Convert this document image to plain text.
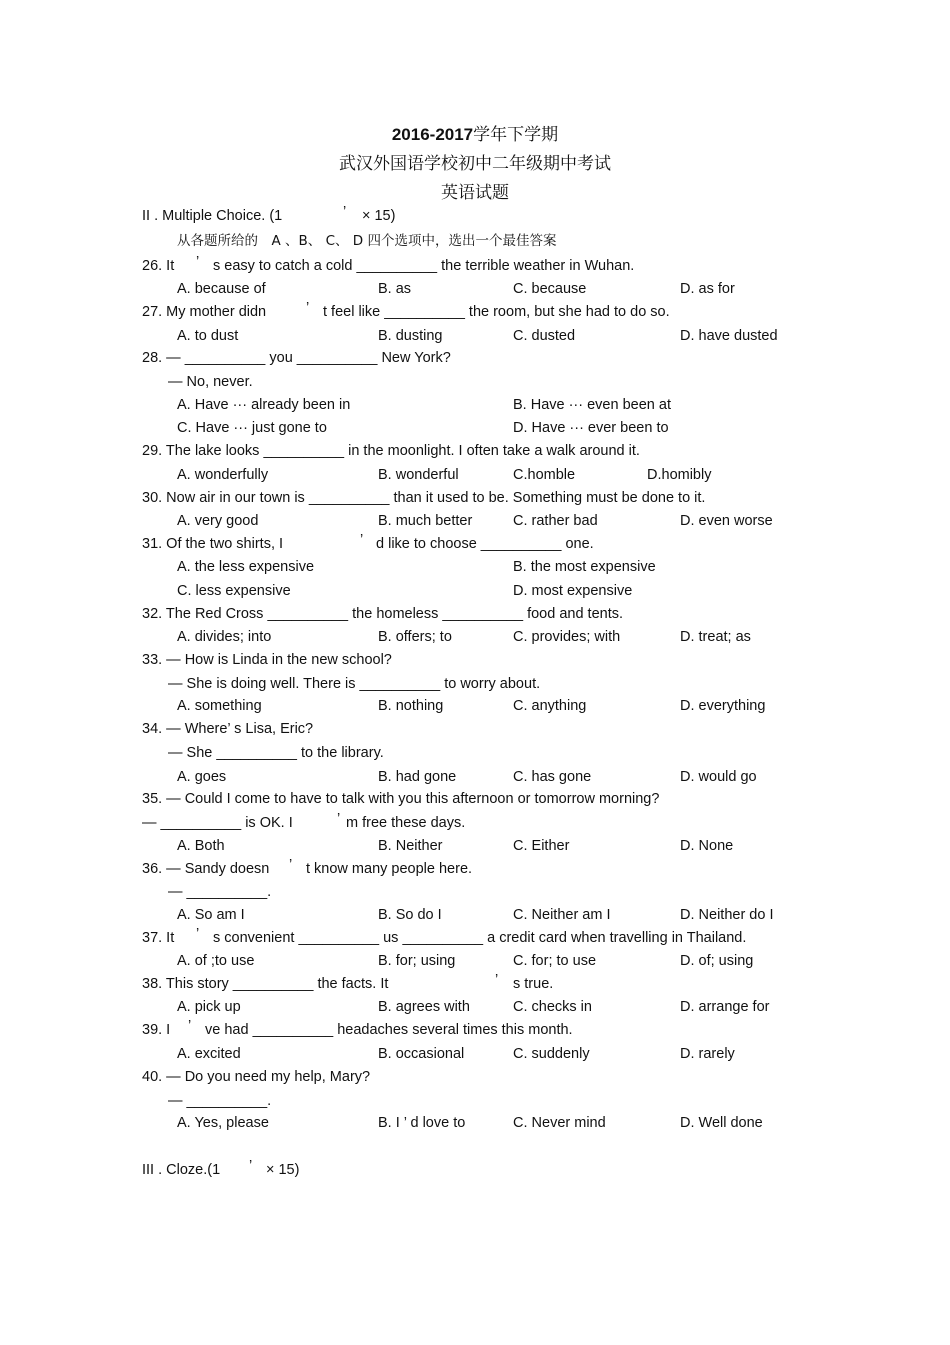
2016-2017学年下学期
武汉外国语学校初中二年级期中考试
英语试题
II . Multiple Choice. (1	’ × 15)
从各题所给的　A 、B、 C、 D 四个选项中，选出一个最佳答案
26. It ’ s easy to catch a cold __________ the terrible weather in Wuhan.
A. because of	B. as	C. because	D. as for
27. My mother didn	’ t feel like __________ the room, but she had to do so.
A. to dust	B. dusting	C. dusted	D. have dusted
28. — __________ you __________ New York?
— No, never.
A. Have ··· already been in	B. Have ··· even been at
C. Have ··· just gone to	D. Have ··· ever been to
29. The lake looks __________ in the moonlight. I often take a walk around it.
A. wonderfully	B. wonderful	C.homble	D.homibly
30. Now air in our town is __________ than it used to be. Something must be done to it.
A. very good	B. much better	C. rather bad	D. even worse
31. Of the two shirts, I	’ d like to choose __________ one.
A. the less expensive	B. the most expensive
C. less expensive	D. most expensive
32. The Red Cross __________ the homeless __________ food and tents.
A. divides; into	B. offers; to	C. provides; with	D. treat; as
33. — How is Linda in the new school?
— She is doing well. There is __________ to worry about.
A. something	B. nothing	C. anything	D. everything
34. — Where’ s Lisa, Eric?
— She __________ to the library.
A. goes	B. had gone	C. has gone	D. would go
35. — Could I come to have to talk with you this afternoon or tomorrow morning?
— __________ is OK. I	’ m free these days.
A. Both	B. Neither	C. Either	D. None
36. — Sandy doesn ’ t know many people here.
— __________.
A. So am I	B. So do I	C. Neither am I	D. Neither do I
37. It ’ s convenient __________ us __________ a credit card when travelling in Thailand.
A. of ;to use	B. for; using	C. for; to use	D. of; using
38. This story __________ the facts. It	’ s true.
A. pick up	B. agrees with	C. checks in	D. arrange for
39. I ’ ve had __________ headaches several times this month.
A. excited	B. occasional	C. suddenly	D. rarely
40. — Do you need my help, Mary?
— __________.
A. Yes, please	B. I ’ d love to	C. Never mind	D. Well done
III . Cloze.(1 ’ × 15)
